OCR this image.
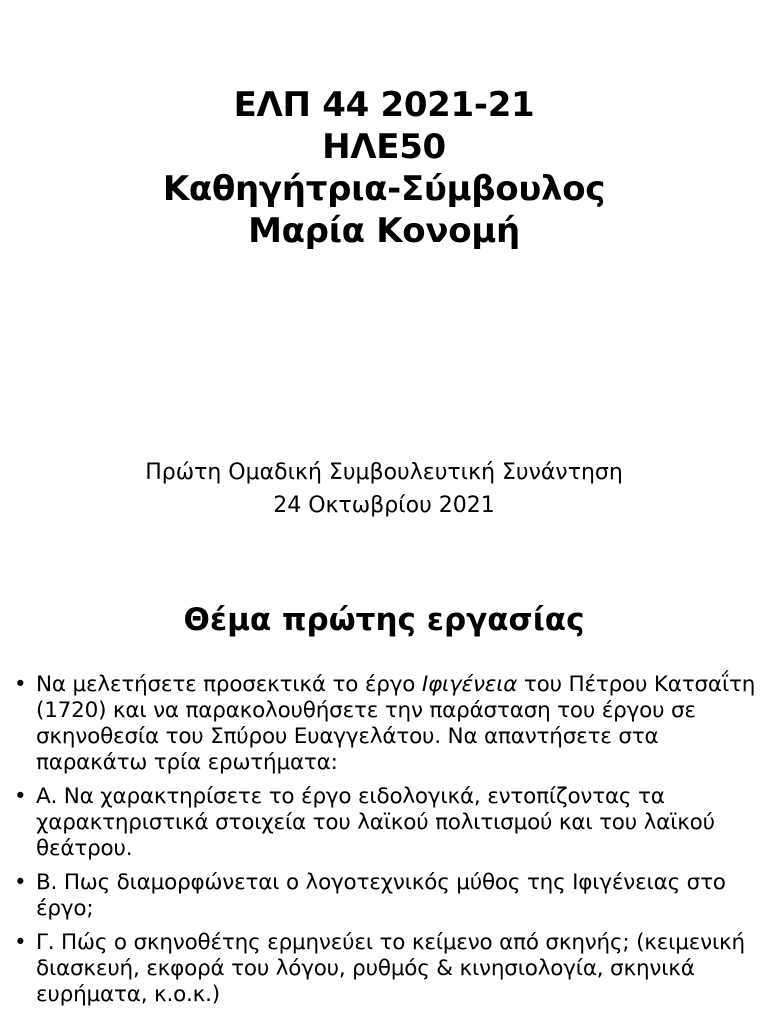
ΕΛΠ 44 2021-21
ΗΛΕ50
Καθηγήτρια-Σύμβουλος
Μαρία Κονομή
Πρώτη Ομαδική Συμβουλευτική Συνάντηση
24 Οκτωβρίου 2021
Θέμα πρώτης εργασίας
• Να μελετήσετε προσεκτικά το έργο Ιφιγένεια του Πέτρου Κατσαΐτη (1720) και να παρακολουθήσετε την παράσταση του έργου σε σκηνοθεσία του Σπύρου Ευαγγελάτου. Να απαντήσετε στα παρακάτω τρία ερωτήματα:
• Α. Να χαρακτηρίσετε το έργο ειδολογικά, εντοπίζοντας τα χαρακτηριστικά στοιχεία του λαϊκού πολιτισμού και του λαϊκού θεάτρου.
• Β. Πως διαμορφώνεται ο λογοτεχνικός μύθος της Ιφιγένειας στο έργο;
• Γ. Πώς ο σκηνοθέτης ερμηνεύει το κείμενο από σκηνής; (κειμενική διασκευή, εκφορά του λόγου, ρυθμός & κινησιολογία, σκηνικά ευρήματα, κ.ο.κ.)
